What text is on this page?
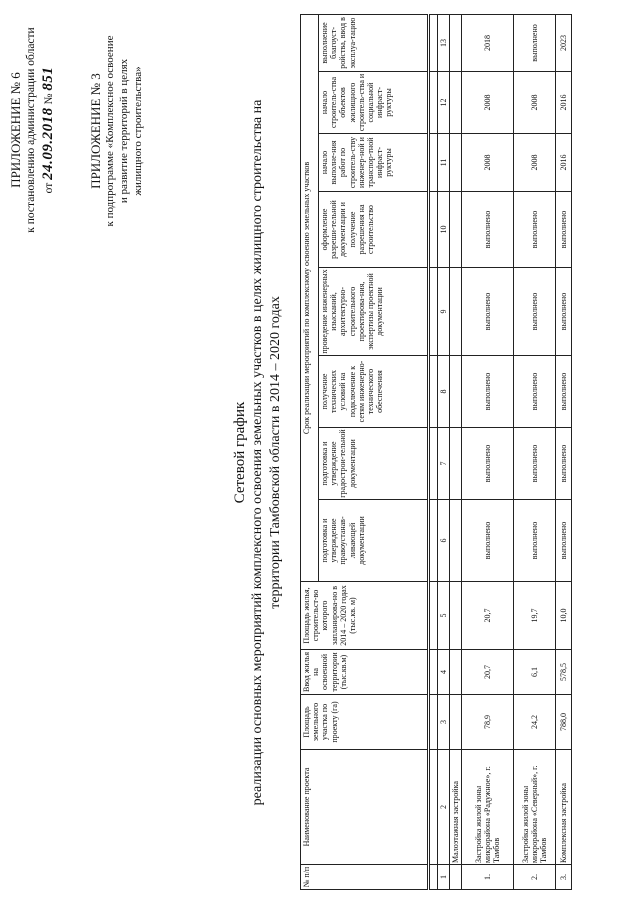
ПРИЛОЖЕНИЕ № 6 к постановлению администрации области от 24.09.2018 № 851 ПРИЛОЖЕНИЕ № 3 к подпрограмме «Комплексное освоение и развитие территорий в целях жилищного строительства»
Сетевой график реализации основных мероприятий комплексного освоения земельных участков в целях жилищного строительства на территории Тамбовской области в 2014 – 2020 годах
№ п/п	Наименование проекта	Площадь земельного участка по проекту (га)	Ввод жилья на освоенной территории (тыс.кв.м)	Площадь жилья, строительст-во которого запланирова-но в 2014 – 2020 годах (тыс.кв. м)	Срок реализации мероприятий по комплексному освоению земельных участков							
					подготовка и утверждение правоустанав-ливающей документации	подготовка и утверждение градострои-тельной документации	получение технических условий на подключение к сетям инженерно-технического обеспечения	проведение инженерных изысканий, архитектурно-строительного проектирова-ния, экспертизы проектной документации	оформление разреши-тельной документации и получение разрешения на строительство	начало выполне-ния работ по строитель-ству инженер-ной и транспор-тной инфраст-руктуры	начало строитель-ства объектов жилищного строитель-ства и социальной инфраст-руктуры	выполнение благоуст-ройства, ввод в эксплуа-тацию

1	2	3	4	5	6	7	8	9	10	11	12	13
	Малоэтажная застройка											
1.	Застройка жилой зоны микрорайона «Радужное», г. Тамбов	78,9	20,7	20,7	выполнено	выполнено	выполнено	выполнено	выполнено	2008	2008	2018
2.	Застройка жилой зоны микрорайона «Северный», г. Тамбов	24,2	6,1	19,7	выполнено	выполнено	выполнено	выполнено	выполнено	2008	2008	выполнено
3.	Комплексная застройка	788,0	578,5	10,0	выполнено	выполнено	выполнено	выполнено	выполнено	2016	2016	2023
